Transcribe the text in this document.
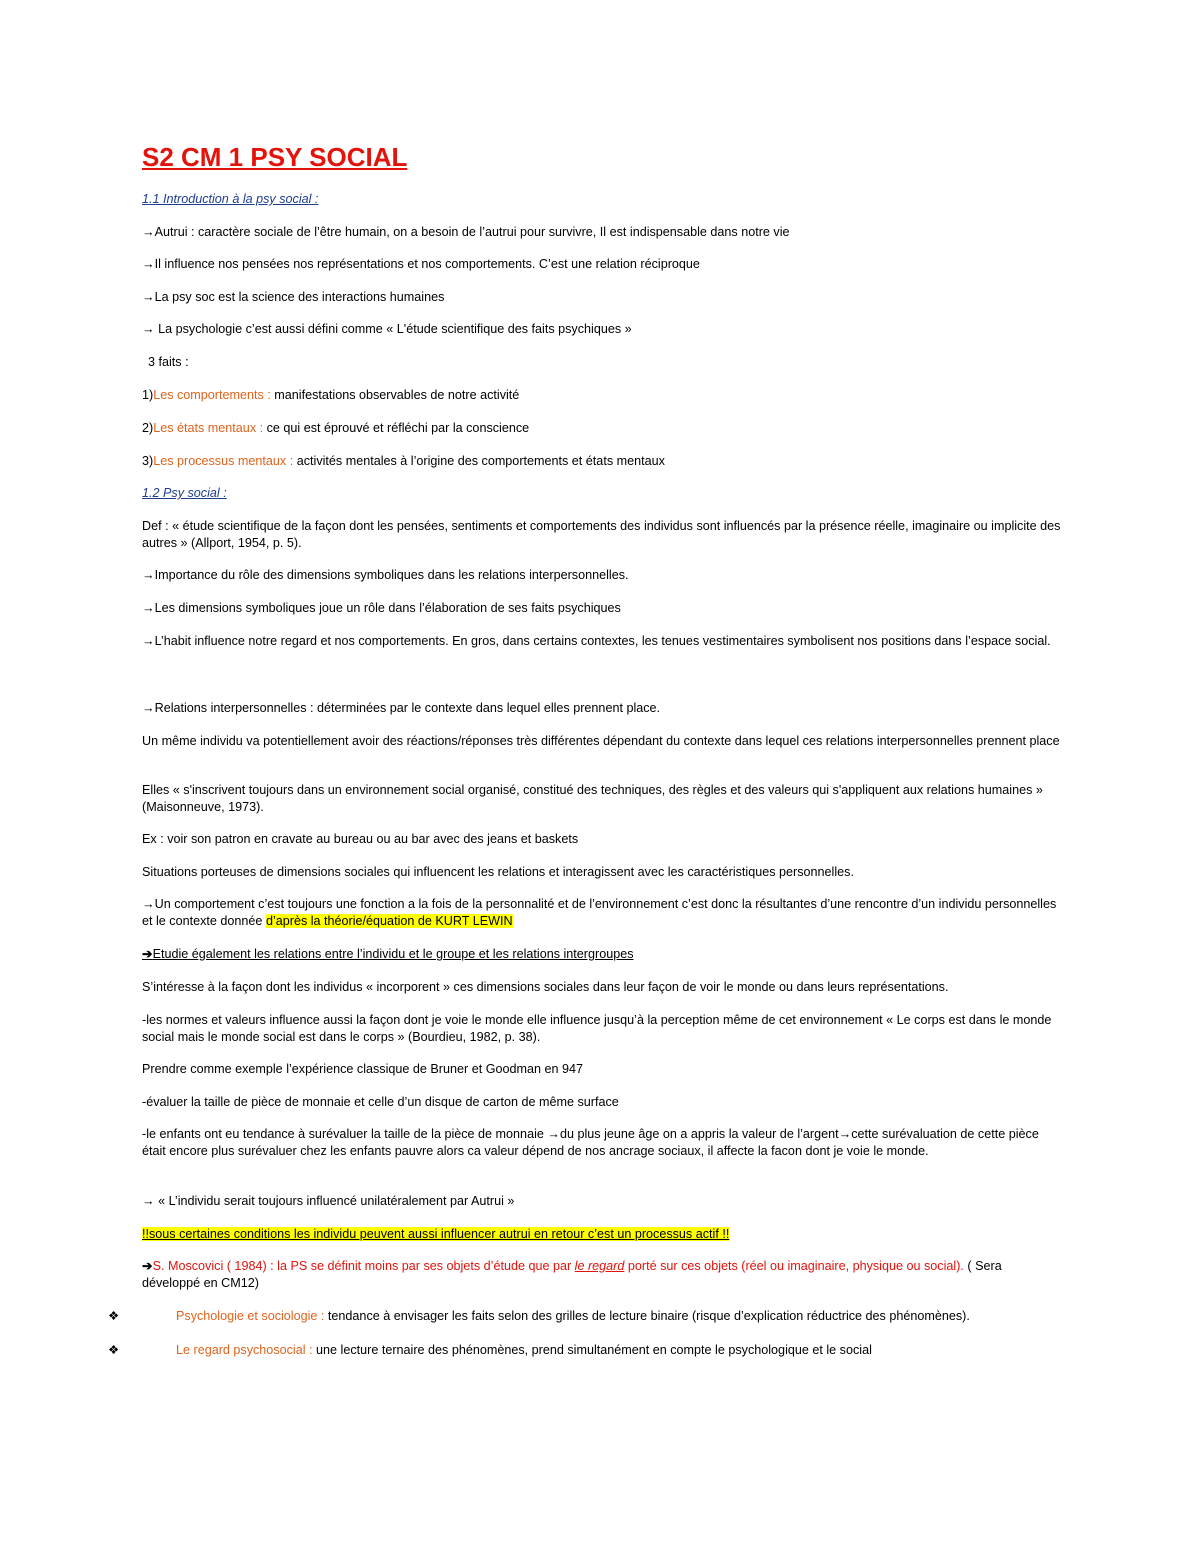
S2 CM 1 PSY SOCIAL

1.1 Introduction à la psy social :

→Autrui : caractère sociale de l’être humain, on a besoin de l’autrui pour survivre, Il est indispensable dans notre vie

→Il influence nos pensées nos représentations et nos comportements. C’est une relation réciproque

→La psy soc est la science des interactions humaines

→ La psychologie c’est aussi défini comme « L'étude scientifique des faits psychiques »

3 faits :

1)Les comportements : manifestations observables de notre activité

2)Les états mentaux : ce qui est éprouvé et réfléchi par la conscience

3)Les processus mentaux : activités mentales à l’origine des comportements et états mentaux

1.2 Psy social :

Def : « étude scientifique de la façon dont les pensées, sentiments et comportements des individus sont influencés par la présence réelle, imaginaire ou implicite des autres » (Allport, 1954, p. 5).

→Importance du rôle des dimensions symboliques dans les relations interpersonnelles.

→Les dimensions symboliques joue un rôle dans l’élaboration de ses faits psychiques

→L’habit influence notre regard et nos comportements. En gros, dans certains contextes, les tenues vestimentaires symbolisent nos positions dans l’espace social.

→Relations interpersonnelles : déterminées par le contexte dans lequel elles prennent place.

Un même individu va potentiellement avoir des réactions/réponses très différentes dépendant du contexte dans lequel ces relations interpersonnelles prennent place

Elles « s'inscrivent toujours dans un environnement social organisé, constitué des techniques, des règles et des valeurs qui s'appliquent aux relations humaines » (Maisonneuve, 1973).

Ex : voir son patron en cravate au bureau ou au bar avec des jeans et baskets

Situations porteuses de dimensions sociales qui influencent les relations et interagissent avec les caractéristiques personnelles.

→Un comportement c’est toujours une fonction a la fois de la personnalité et de l’environnement c’est donc la résultantes d’une rencontre d’un individu personnelles et le contexte donnée d’après la théorie/équation de KURT LEWIN

➔Etudie également les relations entre l’individu et le groupe et les relations intergroupes

S’intéresse à la façon dont les individus « incorporent » ces dimensions sociales dans leur façon de voir le monde ou dans leurs représentations.

-les normes et valeurs influence aussi la façon dont je voie le monde elle influence jusqu’à la perception même de cet environnement « Le corps est dans le monde social mais le monde social est dans le corps » (Bourdieu, 1982, p. 38).

Prendre comme exemple l’expérience classique de Bruner et Goodman en 947

-évaluer la taille de pièce de monnaie et celle d’un disque de carton de même surface

-le enfants ont eu tendance à surévaluer la taille de la pièce de monnaie →du plus jeune âge on a appris la valeur de l’argent→cette surévaluation de cette pièce était encore plus surévaluer chez les enfants pauvre alors ca valeur dépend de nos ancrage sociaux, il affecte la facon dont je voie le monde.

→ « L’individu serait toujours influencé unilatéralement par Autrui »

!!sous certaines conditions les individu peuvent aussi influencer autrui en retour c’est un processus actif !!

➔S. Moscovici ( 1984) : la PS se définit moins par ses objets d’étude que par le regard porté sur ces objets (réel ou imaginaire, physique ou social). ( Sera développé en CM12)

❖	Psychologie et sociologie : tendance à envisager les faits selon des grilles de lecture binaire (risque d’explication réductrice des phénomènes).

❖	Le regard psychosocial : une lecture ternaire des phénomènes, prend simultanément en compte le psychologique et le social
